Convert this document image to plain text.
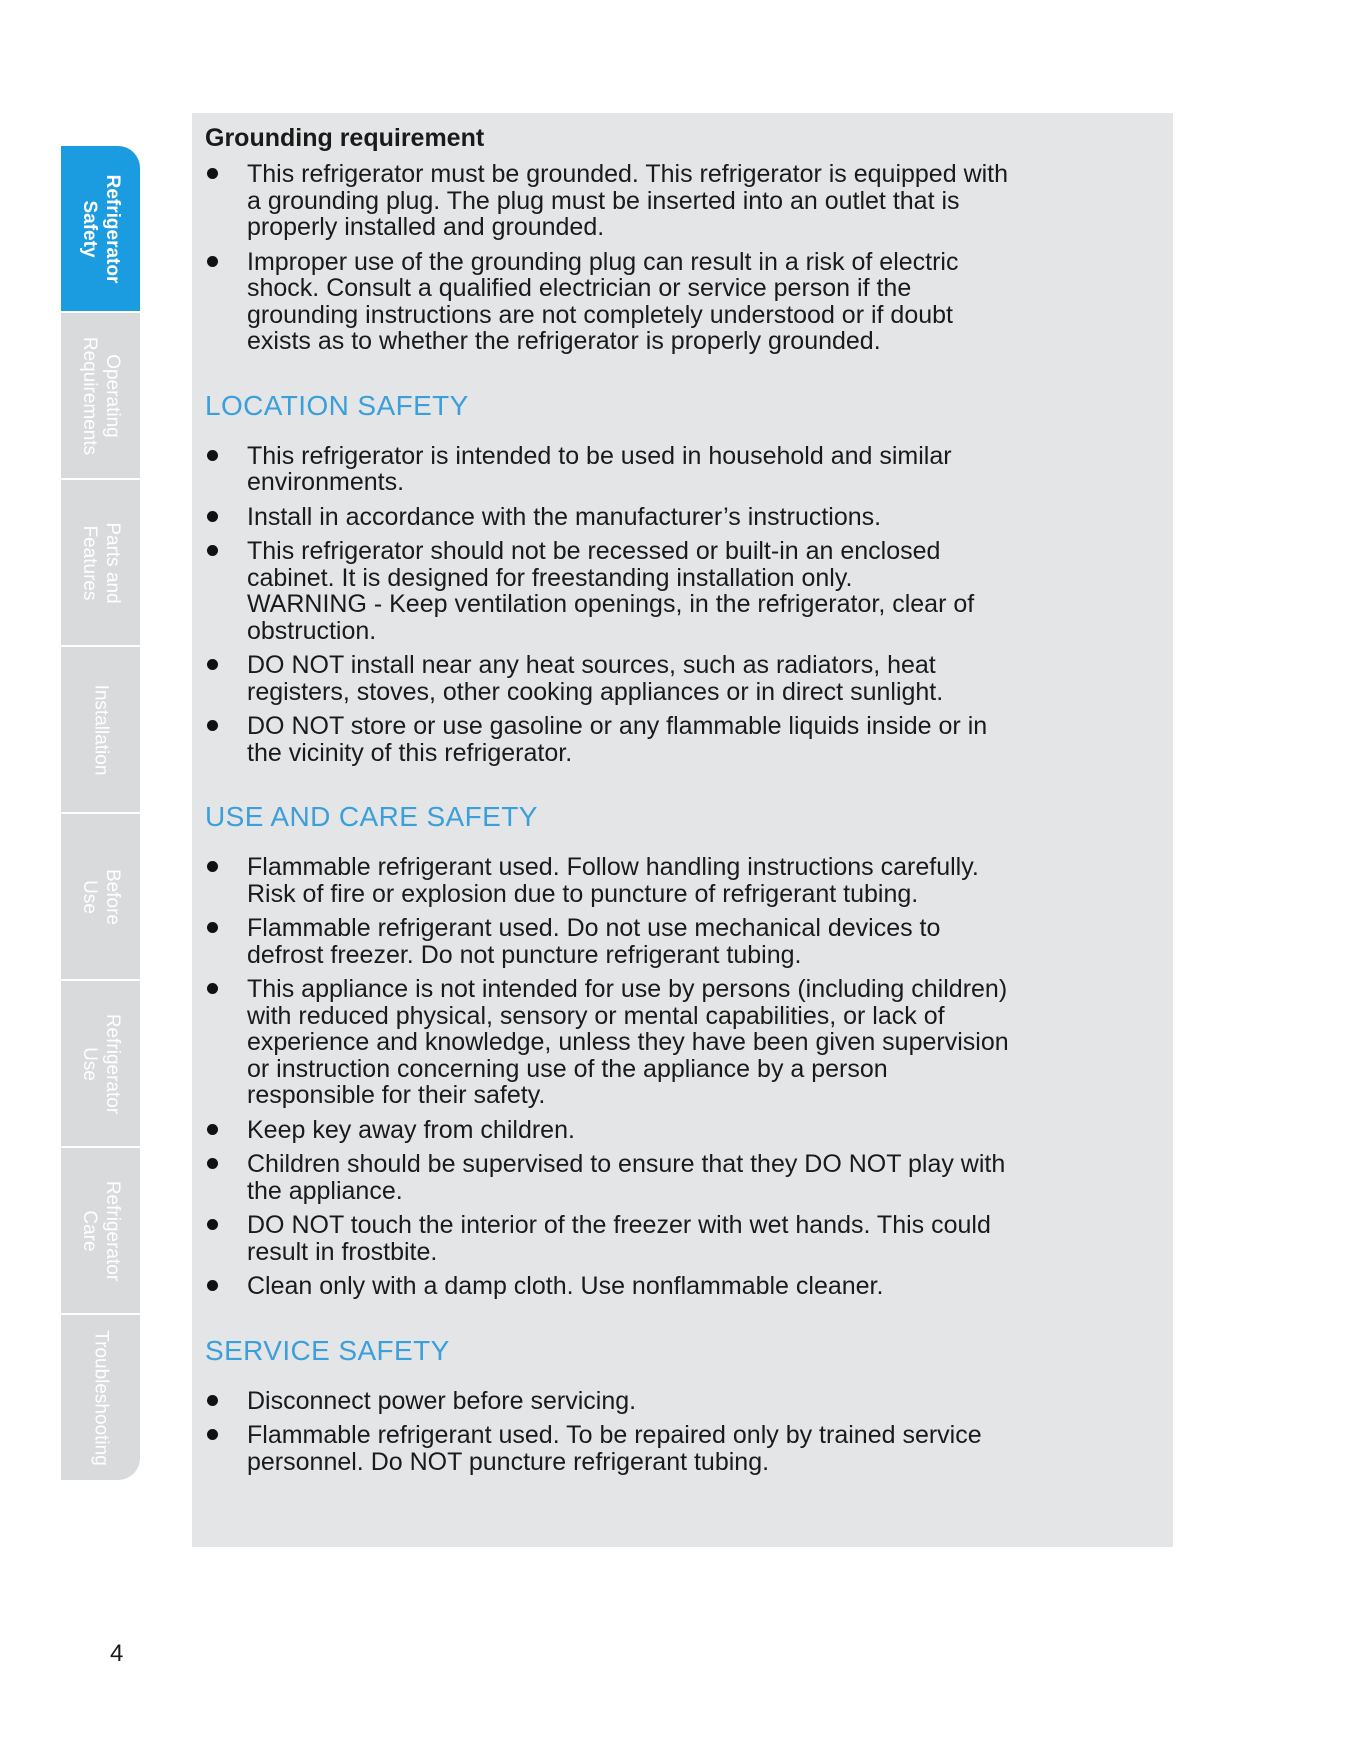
Refrigerator
Safety
Operating
Requirements
Parts and
Features
Installation
Before
Use
Refrigerator
Use
Refrigerator
Care
Troubleshooting
Grounding requirement
This refrigerator must be grounded. This refrigerator is equipped with
a grounding plug. The plug must be inserted into an outlet that is
properly installed and grounded.
Improper use of the grounding plug can result in a risk of electric
shock. Consult a qualified electrician or service person if the
grounding instructions are not completely understood or if doubt
exists as to whether the refrigerator is properly grounded.
LOCATION SAFETY
This refrigerator is intended to be used in household and similar
environments.
Install in accordance with the manufacturer’s instructions.
This refrigerator should not be recessed or built-in an enclosed
cabinet. It is designed for freestanding installation only.
WARNING - Keep ventilation openings, in the refrigerator, clear of
obstruction.
DO NOT install near any heat sources, such as radiators, heat
registers, stoves, other cooking appliances or in direct sunlight.
DO NOT store or use gasoline or any flammable liquids inside or in
the vicinity of this refrigerator.
USE AND CARE SAFETY
Flammable refrigerant used. Follow handling instructions carefully.
Risk of fire or explosion due to puncture of refrigerant tubing.
Flammable refrigerant used. Do not use mechanical devices to
defrost freezer. Do not puncture refrigerant tubing.
This appliance is not intended for use by persons (including children)
with reduced physical, sensory or mental capabilities, or lack of
experience and knowledge, unless they have been given supervision
or instruction concerning use of the appliance by a person
responsible for their safety.
Keep key away from children.
Children should be supervised to ensure that they DO NOT play with
the appliance.
DO NOT touch the interior of the freezer with wet hands. This could
result in frostbite.
Clean only with a damp cloth. Use nonflammable cleaner.
SERVICE SAFETY
Disconnect power before servicing.
Flammable refrigerant used. To be repaired only by trained service
personnel. Do NOT puncture refrigerant tubing.
4
